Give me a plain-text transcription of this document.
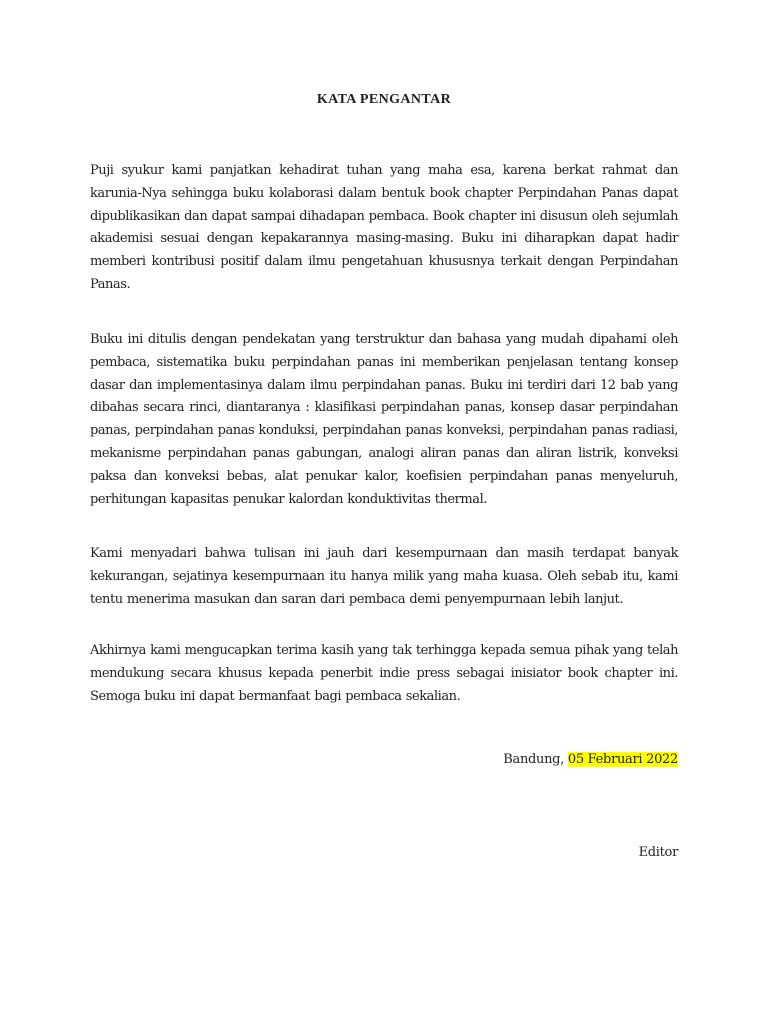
KATA PENGANTAR

Puji syukur kami panjatkan kehadirat tuhan yang maha esa, karena berkat rahmat dan karunia-Nya sehingga buku kolaborasi dalam bentuk book chapter Perpindahan Panas dapat dipublikasikan dan dapat sampai dihadapan pembaca. Book chapter ini disusun oleh sejumlah akademisi sesuai dengan kepakarannya masing-masing. Buku ini diharapkan dapat hadir memberi kontribusi positif dalam ilmu pengetahuan khususnya terkait dengan Perpindahan Panas.

Buku ini ditulis dengan pendekatan yang terstruktur dan bahasa yang mudah dipahami oleh pembaca, sistematika buku perpindahan panas ini memberikan penjelasan tentang konsep dasar dan implementasinya dalam ilmu perpindahan panas. Buku ini terdiri dari 12 bab yang dibahas secara rinci, diantaranya : klasifikasi perpindahan panas, konsep dasar perpindahan panas, perpindahan panas konduksi, perpindahan panas konveksi, perpindahan panas radiasi, mekanisme perpindahan panas gabungan, analogi aliran panas dan aliran listrik, konveksi paksa dan konveksi bebas, alat penukar kalor, koefisien perpindahan panas menyeluruh, perhitungan kapasitas penukar kalordan konduktivitas thermal.

Kami menyadari bahwa tulisan ini jauh dari kesempurnaan dan masih terdapat banyak kekurangan, sejatinya kesempurnaan itu hanya milik yang maha kuasa. Oleh sebab itu, kami tentu menerima masukan dan saran dari pembaca demi penyempurnaan lebih lanjut.

Akhirnya kami mengucapkan terima kasih yang tak terhingga kepada semua pihak yang telah mendukung secara khusus kepada penerbit indie press sebagai inisiator book chapter ini. Semoga buku ini dapat bermanfaat bagi pembaca sekalian.

Bandung, 05 Februari 2022
Editor
